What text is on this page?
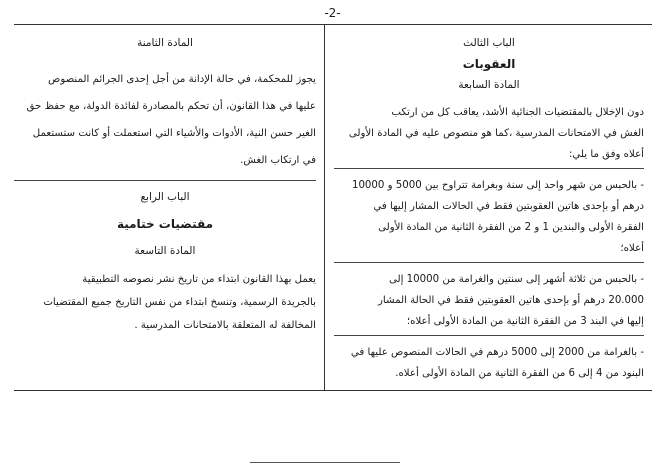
-2-
الباب الثالث
العقوبات
المادة السابعة
دون الإخلال بالمقتضيات الجنائية الأشد، يعاقب كل من ارتكب
الغش في الامتحانات المدرسية ،كما هو منصوص عليه في المادة الأولى
أعلاه وفق ما يلي:
- بالحبس من شهر واحد إلى سنة وبغرامة تتراوح بين 5000 و 10000
درهم أو بإحدى هاتين العقوبتين فقط في الحالات المشار إليها في
الفقرة الأولى والبندين 1 و 2 من الفقرة الثانية من المادة الأولى
أعلاه؛
- بالحبس من ثلاثة أشهر إلى سنتين والغرامة من 10000 إلى
20.000 درهم أو بإحدى هاتين العقوبتين فقط في الحالة المشار
إليها في البند 3 من الفقرة الثانية من المادة الأولى أعلاه؛
- بالغرامة من 2000 إلى 5000 درهم في الحالات المنصوص عليها في
البنود من 4 إلى 6 من الفقرة الثانية من المادة الأولى أعلاه.
المادة الثامنة
يجوز للمحكمة، في حالة الإدانة من أجل إحدى الجرائم المنصوص
عليها في هذا القانون، أن تحكم بالمصادرة لفائدة الدولة، مع حفظ حق
الغير حسن النية، الأدوات والأشياء التي استعملت أو كانت ستستعمل
في ارتكاب الغش.
الباب الرابع
مقتضيات ختامية
المادة التاسعة
يعمل بهذا القانون ابتداء من تاريخ نشر نصوصه التطبيقية
بالجريدة الرسمية، وتنسخ ابتداء من نفس التاريخ جميع المقتضيات
المخالفة له المتعلقة بالامتحانات المدرسية .
